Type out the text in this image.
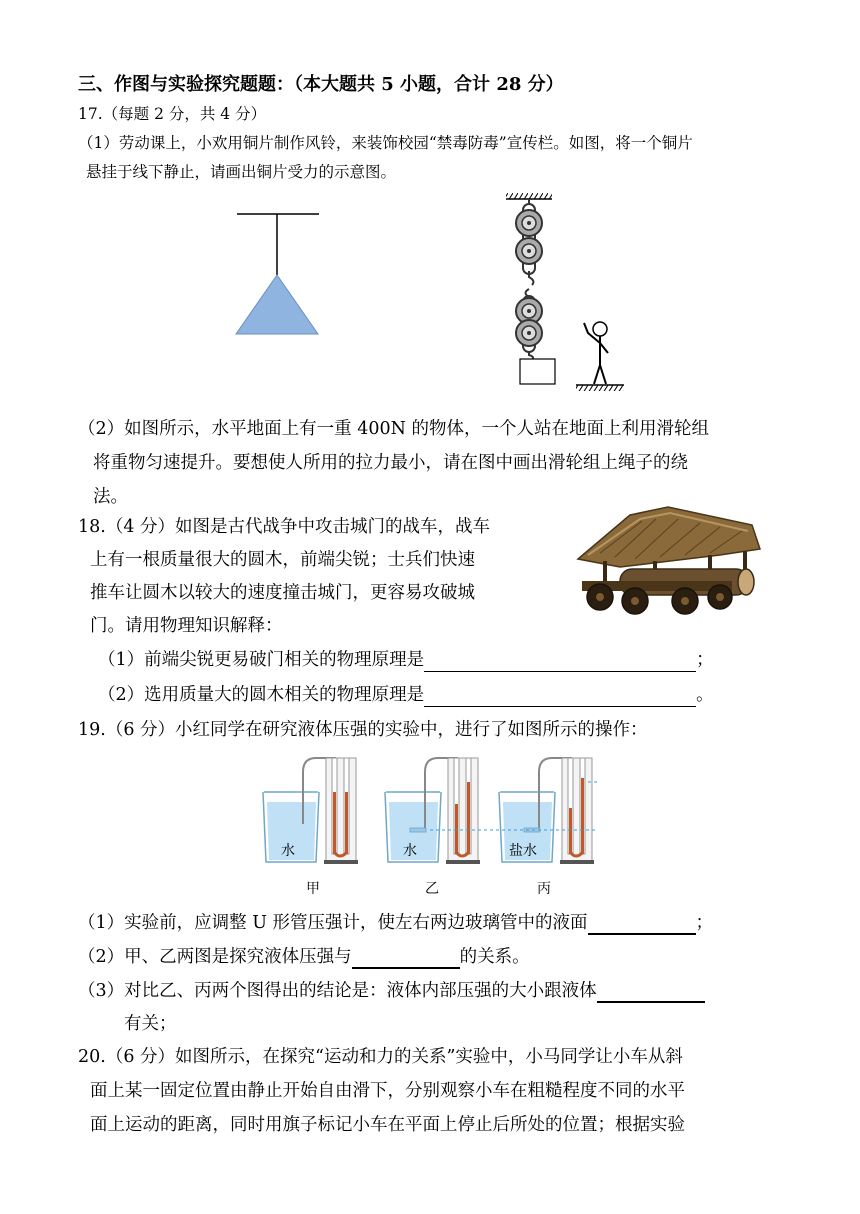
三、作图与实验探究题题：（本大题共 5 小题，合计 28 分）
17.（每题 2 分，共 4 分）
（1）劳动课上，小欢用铜片制作风铃，来装饰校园“禁毒防毒”宣传栏。如图，将一个铜片
悬挂于线下静止，请画出铜片受力的示意图。
（2）如图所示，水平地面上有一重 400N 的物体，一个人站在地面上利用滑轮组
将重物匀速提升。要想使人所用的拉力最小，请在图中画出滑轮组上绳子的绕
法。
18.（4 分）如图是古代战争中攻击城门的战车，战车
上有一根质量很大的圆木，前端尖锐；士兵们快速
推车让圆木以较大的速度撞击城门，更容易攻破城
门。请用物理知识解释：
（1）前端尖锐更易破门相关的物理原理是	；
（2）选用质量大的圆木相关的物理原理是	。
19.（6 分）小红同学在研究液体压强的实验中，进行了如图所示的操作：
水	水	盐水
甲	乙	丙
（1）实验前，应调整 U 形管压强计，使左右两边玻璃管中的液面	；
（2）甲、乙两图是探究液体压强与	的关系。
（3）对比乙、丙两个图得出的结论是：液体内部压强的大小跟液体
有关；
20.（6 分）如图所示，在探究“运动和力的关系”实验中，小马同学让小车从斜
面上某一固定位置由静止开始自由滑下，分别观察小车在粗糙程度不同的水平
面上运动的距离，同时用旗子标记小车在平面上停止后所处的位置；根据实验
